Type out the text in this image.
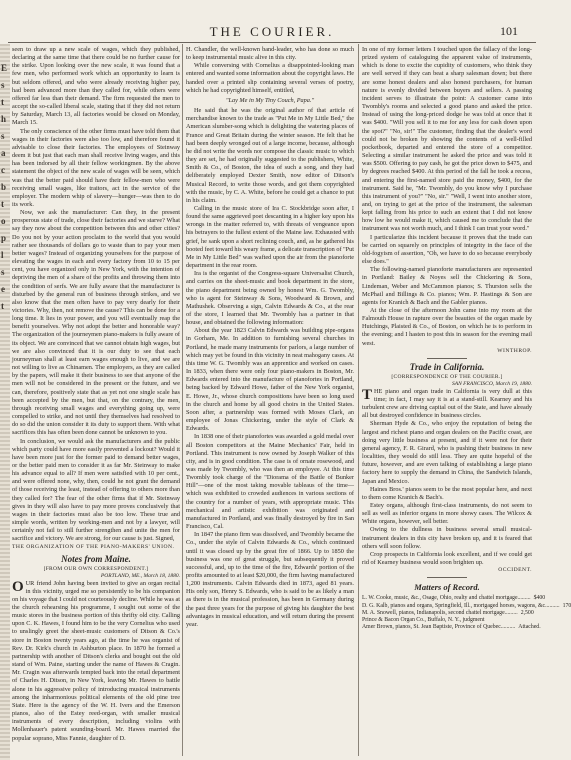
E
s
t
h
s
a
c
b
t
o
p
l
s
e
t
THE COURIER.	101

seen to draw up a new scale of wages, which they published, declaring at the same time that there could be no further cause for the strike. Upon looking over the new scale, it was found that a few men, who performed work which an opportunity to learn is but seldom offered, and who were already receiving higher pay, had been advanced more than they called for, while others were offered far less than their demand. The firm requested the men to accept the so-called liberal scale, stating that if they did not return by Saturday, March 13, all factories would be closed on Monday, March 15.

The only conscience of the other firms must have told them that wages in their factories were also too low, and therefore found it advisable to close their factories. The employees of Steinway deem it but just that each man shall receive living wages, and this has been indorsed by all their fellow workingmen. By the above statement the object of the new scale of wages will be seen, which was that the better paid should have their fellow-men who were receiving small wages, like traitors, act in the service of the employer. The modern whip of slavery—hunger—was then to do its work.

Now, we ask the manufacturer: Can they, in the present prosperous state of trade, close their factories and we starve? What say they now about the competition between this and other cities? Do you not by your action proclaim to the world that you would rather see thousands of dollars go to waste than to pay your men better wages? Instead of organizing yourselves for the purpose of elevating the wages in each and every factory from 10 to 15 per cent, you have organized only in New York, with the intention of depriving the men of a share of the profits and throwing them into the condition of serfs. We are fully aware that the manufacturer is disturbed by the general run of business through strikes, and we also know that the men often have to pay very dearly for their victories. Why, then, not remove the cause? This can be done for a long time. It lies in your power, and you will eventually reap the benefit yourselves. Why not adopt the better and honorable way? The organization of the journeymen piano-makers is fully aware of its object. We are convinced that we cannot obtain high wages, but we are also convinced that it is our duty to see that each journeyman shall at least earn wages enough to live, and we are not willing to live as Chinamen. The employers, as they are called by the papers, will make it their business to see that anyone of the men will not be considered in the present or the future, and we can, therefore, positively state that as yet not one single scale has been accepted by the men, but that, on the contrary, the men, through receiving small wages and everything going up, were compelled to strike, and not until they themselves had resolved to do so did the union consider it its duty to support them. With what sacrifices this has often been done cannot be unknown to you.

In conclusion, we would ask the manufacturers and the public which party could have more easily prevented a lockout? Would it have been more just for the former paid to demand better wages, or the better paid men to consider it as far Mr. Steinway to make his advance equal to all? If men were satisfied with 10 per cent., and were offered none, why, then, could he not grant the demand of those receiving the least, instead of offering to others more than they called for? The fear of the other firms that if Mr. Steinway gives in they will also have to pay more proves conclusively that wages in their factories must also be too low. These true and simple words, written by working-men and not by a lawyer, will certainly not fail to still further strengthen and unite the men for sacrifice and victory. We are strong, for our cause is just. Signed,

THE ORGANIZATION OF THE PIANO-MAKERS' UNION.

Notes from Maine.
[FROM OUR OWN CORRESPONDENT.]
PORTLAND, ME., March 18, 1880.

O UR friend John having been invited to give an organ recital in this vicinity, urged me so persistently to be his companion on his voyage that I could not courteously decline. While he was at the church rehearsing his programme, I sought out some of the music stores in the business portion of this thrifty old city. Calling upon C. K. Hawes, I found him to be the very Cornelius who used to unslingly greet the sheet-music customers of Ditson & Co.'s store in Boston twenty years ago, at the time he was organist of Rev. Dr. Kirk's church in Ashburton place. In 1870 he formed a partnership with another of Ditson's clerks and bought out the old stand of Wm. Paine, starting under the name of Hawes & Cragin. Mr. Cragin was afterwards tempted back into the retail department of Charles H. Ditson, in New York, leaving Mr. Hawes to battle alone in his aggressive policy of introducing musical instruments among the inharmonious political elements of the old pine tree State. Here is the agency of the W. H. Ivers and the Emerson pianos, also of the Estey reed-organ, with smaller musical instruments of every description, including violins with Mollenhauer's patent sounding-board. Mr. Hawes married the popular soprano, Miss Fannie, daughter of D.

H. Chandler, the well-known band-leader, who has done so much to keep instrumental music alive in this city.

While conversing with Cornelius a disappointed-looking man entered and wanted some information about the copyright laws. He handed over a printed slip containing several verses of poetry, which he had copyrighted himself, entitled,

"Lay Me in My Tiny Couch, Papa."

He said that he was the original author of that article of merchandise known to the trade as "Put Me in My Little Bed," the American slumber-song which is delighting the watering places of France and Great Britain during the winter season. He felt that he had been deeply wronged out of a large income, because, although he did not write the words nor compose the classic music to which they are set, he had originally suggested to the publishers, White, Smith & Co., of Boston, the idea of such a song, and they had deliberately employed Dexter Smith, now editor of Ditson's Musical Record, to write those words, and got them copyrighted with the music, by C. A. White, before he could get a chance to put in his claim.

Calling in the music store of Ira C. Stockbridge soon after, I found the same aggrieved poet descanting in a higher key upon his wrongs in the matter referred to, with threats of vengeance upon his betrayers to the fullest extent of the Maine law. Exhausted with grief, he sank upon a short reclining couch, and, as he gathered his booted feet toward his weary frame, a delicate transcription of "Put Me in My Little Bed" was wafted upon the air from the pianoforte department in the rear room.

Ira is the organist of the Congress-square Universalist Church, and carries on the sheet-music and book department in the store, the piano department being owned by honest Wm. G. Twombly, who is agent for Steinway & Sons, Woodward & Brown, and Mathushek. Observing a sign, Calvin Edwards & Co., at the rear of the store, I learned that Mr. Twombly has a partner in that house, and obtained the following information:

About the year 1823 Calvin Edwards was building pipe-organs in Gorham, Me. In addition to furnishing several churches in Portland, he made many instruments for parlors, a large number of which may yet be found in this vicinity in neat mahogany cases. At this time W. G. Twombly was an apprentice and worked on cases. In 1833, when there were only four piano-makers in Boston, Mr. Edwards entered into the manufacture of pianofortes in Portland, being backed by Edward Howe, father of the New York organist, E. Howe, Jr., whose church compositions have been so long used in the church and home by all good choirs in the United States. Soon after, a partnership was formed with Moses Clark, an employee of Jonas Chickering, under the style of Clark & Edwards.

In 1838 one of their pianofortes was awarded a gold medal over all Boston competitors at the Maine Mechanics' Fair, held in Portland. This instrument is now owned by Joseph Walker of this city, and is in good condition. The case is of ornate rosewood, and was made by Twombly, who was then an employee. At this time Twombly took charge of the "Diorama of the Battle of Bunker Hill"—one of the most taking movable tableaus of the time—which was exhibited to crowded audiences in various sections of the country for a number of years, with appropriate music. This mechanical and artistic exhibition was originated and manufactured in Portland, and was finally destroyed by fire in San Francisco, Cal.

In 1847 the piano firm was dissolved, and Twombly became the Co., under the style of Calvin Edwards & Co., which continued until it was closed up by the great fire of 1866. Up to 1850 the business was one of great struggle, but subsequently it proved successful, and, up to the time of the fire, Edwards' portion of the profits amounted to at least $20,000, the firm having manufactured 1,200 instruments. Calvin Edwards died in 1873, aged 81 years. His only son, Henry S. Edwards, who is said to be as likely a man as there is in the musical profession, has been in Germany during the past three years for the purpose of giving his daughter the best advantages in musical education, and will return during the present year.

In one of my former letters I touched upon the fallacy of the long-prized system of cataloguing the apparent value of instruments, which is done to excite the cupidity of customers, who think they are well served if they can beat a sharp salesman down; but there are some honest dealers and also honest purchasers, for human nature is evenly divided between buyers and sellers. A passing incident serves to illustrate the point: A customer came into Twombly's rooms and selected a good piano and asked the price. Instead of using the long-priced dodge he was told at once that it was $400. "Will you sell it to me for any less for cash down upon the spot?" "No, sir!" The customer, finding that the dealer's word could not be broken by showing the contents of a well-filled pocketbook, departed and entered the store of a competitor. Selecting a similar instrument he asked the price and was told it was $500. Offering to pay cash, he got the price down to $475, and by degrees reached $400. At this period of the fall he took a recess, and entering the first-named store paid the money, $400, for the instrument. Said he, "Mr. Twombly, do you know why I purchase this instrument of you?" "No, sir." "Well, I went into another store, and, on trying to get at the price of the instrument, the salesman kept falling from his price to such an extent that I did not know how low he would make it, which caused me to conclude that the instrument was not worth much, and I think I can trust your word."

I particularize this incident because it proves that the trade can be carried on squarely on principles of integrity in the face of the old-fogyism of assertion, "Oh, we have to do so because everybody else does."

The following-named pianoforte manufacturers are represented in Portland: Bailey & Noyes sell the Chickering & Sons, Lindeman, Weber and McCammon pianos; S. Thurston sells the McPhail and Billings & Co. pianos; Wm. P. Hastings & Son are agents for Kranich & Bach and the Gabler pianos.

At the close of the afternoon John came into my room at the Falmouth House in rapture over the beauties of the organ made by Hutchings, Plaisted & Co., of Boston, on which he is to perform in the evening; and I hasten to post this in season for the evening mail west.

WINTHROP.
Trade in California.
[CORRESPONDENCE OF THE COURIER.]
SAN FRANCISCO, March 19, 1880.

T HE piano and organ trade in California is very dull at this time; in fact, I may say it is at a stand-still. Kearney and his turbulent crew are driving capital out of the State, and have already all but destroyed confidence in business circles.

Sherman Hyde & Co., who enjoy the reputation of being the largest and richest piano and organ dealers on the Pacific coast, are doing very little business at present, and if it were not for their general agency, F. R. Girard, who is pushing their business in new localities, they would do still less. They are quite hopeful of the future, however, and are even talking of establishing a large piano factory here to supply the demand in China, the Sandwich Islands, Japan and Mexico.

Haines Bros.' pianos seem to be the most popular here, and next to them come Kranich & Bach's.

Estey organs, although first-class instruments, do not seem to sell as well as inferior organs in more showy cases. The Wilcox & White organs, however, sell better.

Owing to the dullness in business several small musical-instrument dealers in this city have broken up, and it is feared that others will soon follow.

Crop prospects in California look excellent, and if we could get rid of Kearney business would soon brighten up.

OCCIDENT.
Matters of Record.
L. W. Cooke, music, &c., Osage, Ohio, realty and chattel mortgage......... $400
D. G. Kalb, pianos and organs, Springfield, Ill., mortgaged horses, wagons, &c.......... 170
M. A. Snowell, pianos, Indianapolis, second chattel mortgage......... 2,500
Prince & Bacon Organ Co., Buffalo, N. Y., judgment
Amer Brown, pianos, St. Jean Baptiste, Province of Quebec.......... Attached.
